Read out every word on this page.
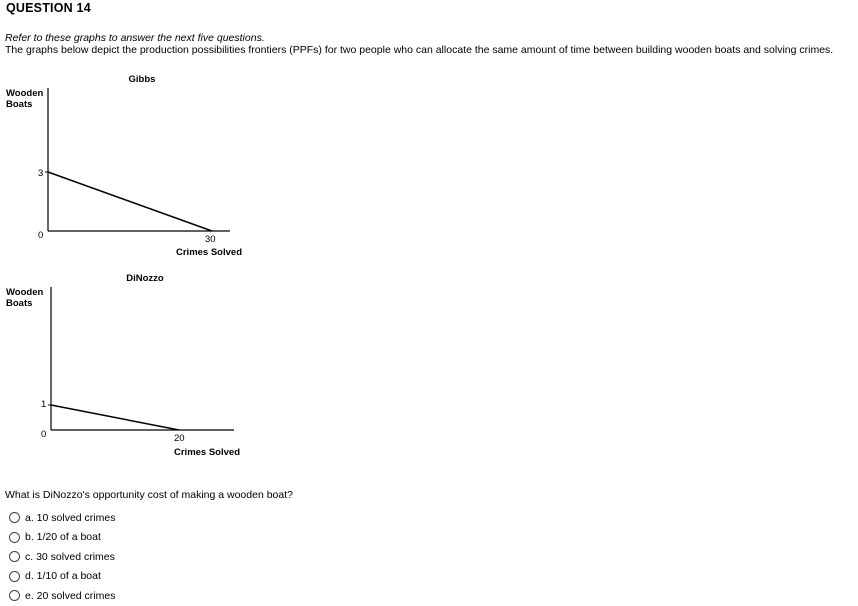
QUESTION 14
Refer to these graphs to answer the next five questions.
The graphs below depict the production possibilities frontiers (PPFs) for two people who can allocate the same amount of time between building wooden boats and solving crimes.
Gibbs
Wooden
Boats
3
0	30
Crimes Solved
DiNozzo
Wooden
Boats
1
0	20
Crimes Solved
What is DiNozzo's opportunity cost of making a wooden boat?
a. 10 solved crimes
b. 1/20 of a boat
c. 30 solved crimes
d. 1/10 of a boat
e. 20 solved crimes
